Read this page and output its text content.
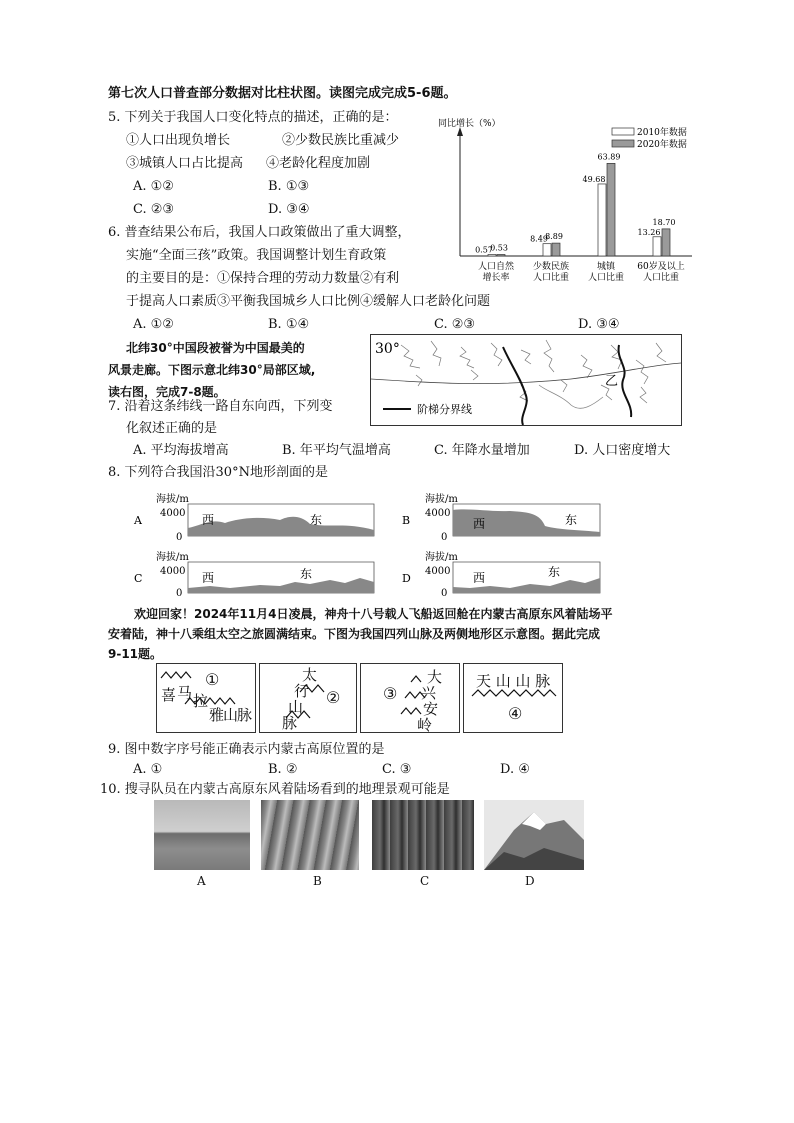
第七次人口普查部分数据对比柱状图。读图完成完成5-6题。
5. 下列关于我国人口变化特点的描述，正确的是：
①人口出现负增长	②少数民族比重减少
③城镇人口占比提高 ④老龄化程度加剧
A. ①②	B. ①③
C. ②③	D. ③④
同比增长（%）
2010年数据
2020年数据
0.57
0.53
人口自然
增长率
8.49
8.89
少数民族
人口比重
49.68
63.89
城镇
人口比重
13.26
18.70
60岁及以上
人口比重
6. 普查结果公布后，我国人口政策做出了重大调整，
实施“全面三孩”政策。我国调整计划生育政策
的主要目的是：①保持合理的劳动力数量②有利
于提高人口素质③平衡我国城乡人口比例④缓解人口老龄化问题
A. ①②	B. ①④	C. ②③	D. ③④
北纬30°中国段被誉为中国最美的
风景走廊。下图示意北纬30°局部区域,
读右图，完成7-8题。
30°
乙
阶梯分界线
7. 沿着这条纬线一路自东向西，下列变
化叙述正确的是
A. 平均海拔增高	B. 年平均气温增高	C. 年降水量增加	D. 人口密度增大
8. 下列符合我国沿30°N地形剖面的是
A
海拔/m
4000
0
西	东	B
海拔/m
4000
0
西	东
C
海拔/m
4000
0
西	东	D
海拔/m
4000
0
西	东
欢迎回家！2024年11月4日凌晨，神舟十八号载人飞船返回舱在内蒙古高原东风着陆场平
安着陆，神十八乘组太空之旅圆满结束。下图为我国四列山脉及两侧地形区示意图。据此完成
9-11题。
①
喜 马 拉
雅
山
脉
太
行
山
脉
②	③
大
兴
安
岭
天 山 山 脉
④
9. 图中数字序号能正确表示内蒙古高原位置的是
A. ①	B. ②	C. ③	D. ④
10. 搜寻队员在内蒙古高原东风着陆场看到的地理景观可能是
A	B	C	D
